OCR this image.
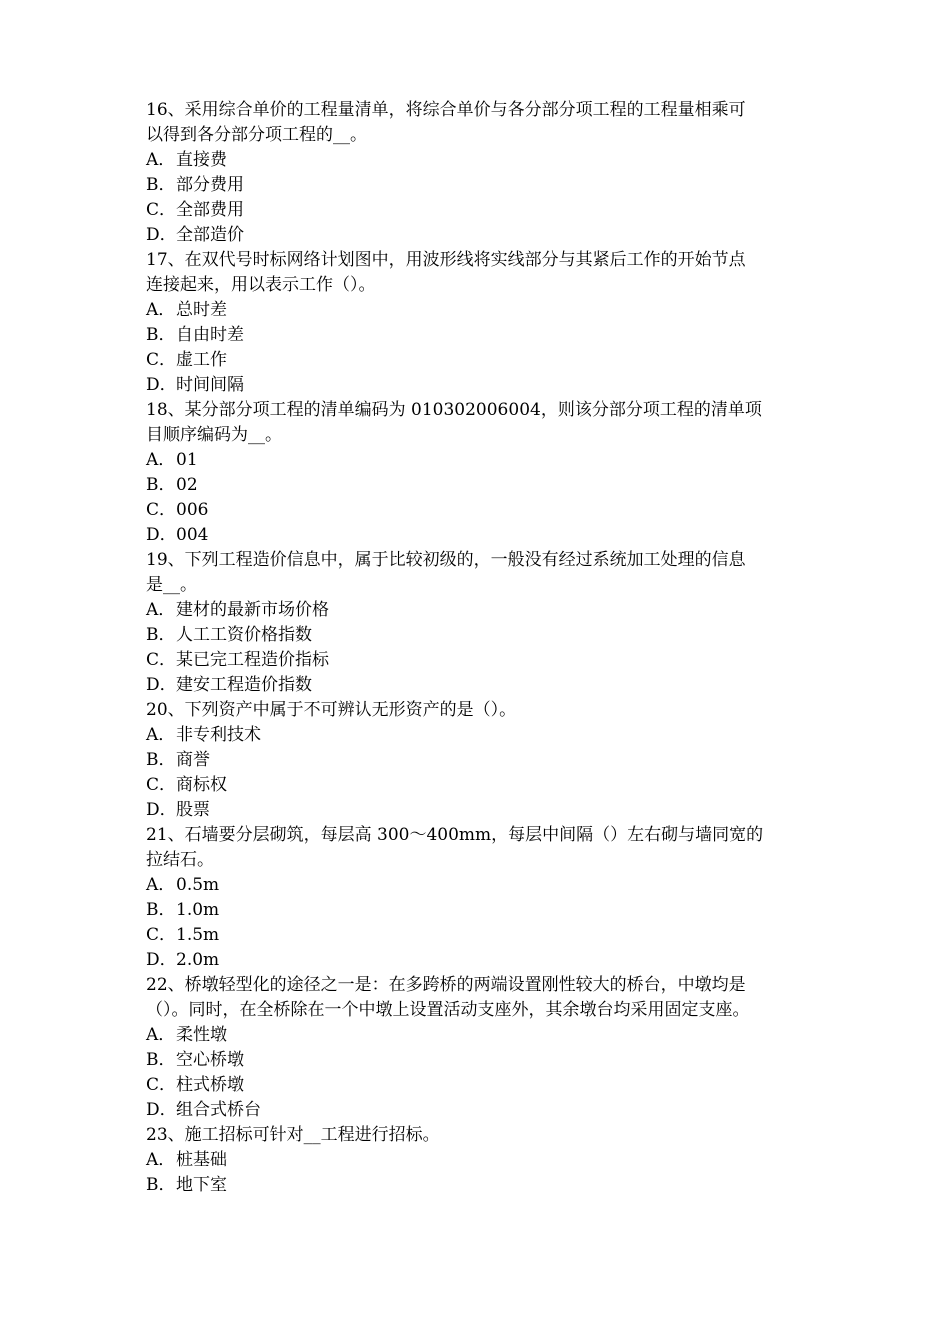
16、采用综合单价的工程量清单，将综合单价与各分部分项工程的工程量相乘可
以得到各分部分项工程的__。
A．直接费
B．部分费用
C．全部费用
D．全部造价
17、在双代号时标网络计划图中，用波形线将实线部分与其紧后工作的开始节点
连接起来，用以表示工作（）。
A．总时差
B．自由时差
C．虚工作
D．时间间隔
18、某分部分项工程的清单编码为 010302006004，则该分部分项工程的清单项
目顺序编码为__。
A．01
B．02
C．006
D．004
19、下列工程造价信息中，属于比较初级的，一般没有经过系统加工处理的信息
是__。
A．建材的最新市场价格
B．人工工资价格指数
C．某已完工程造价指标
D．建安工程造价指数
20、下列资产中属于不可辨认无形资产的是（）。
A．非专利技术
B．商誉
C．商标权
D．股票
21、石墙要分层砌筑，每层高 300～400mm，每层中间隔（）左右砌与墙同宽的
拉结石。
A．0.5m
B．1.0m
C．1.5m
D．2.0m
22、桥墩轻型化的途径之一是：在多跨桥的两端设置刚性较大的桥台，中墩均是
（）。同时，在全桥除在一个中墩上设置活动支座外，其余墩台均采用固定支座。
A．柔性墩
B．空心桥墩
C．柱式桥墩
D．组合式桥台
23、施工招标可针对__工程进行招标。
A．桩基础
B．地下室
